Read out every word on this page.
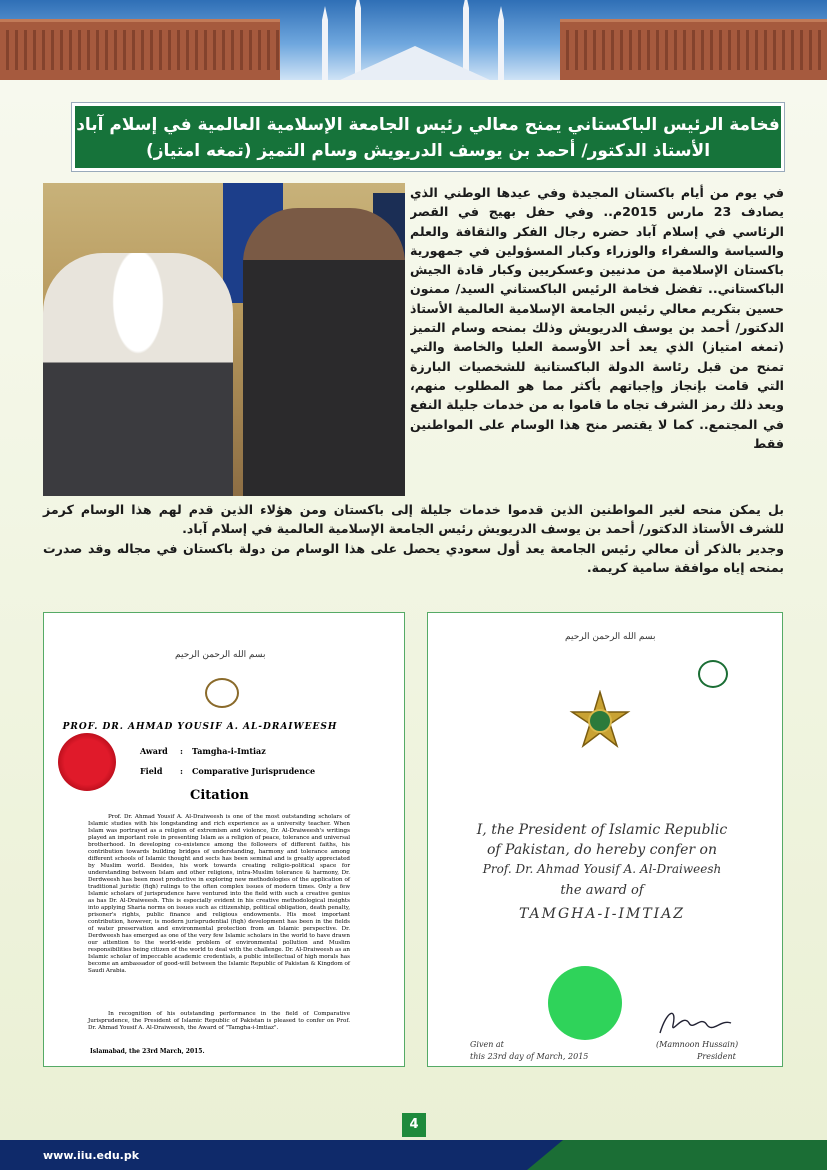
فخامة الرئيس الباكستاني يمنح معالي رئيس الجامعة الإسلامية العالمية في إسلام آباد
الأستاذ الدكتور/ أحمد بن يوسف الدريويش وسام التميز (تمغه امتياز)

في يوم من أيام باكستان المجيدة وفي عيدها الوطني الذي يصادف 23 مارس 2015م.. وفي حفل بهيج في القصر الرئاسي في إسلام آباد حضره رجال الفكر والثقافة والعلم والسياسة والسفراء والوزراء وكبار المسؤولين في جمهورية باكستان الإسلامية من مدنيين وعسكريين وكبار قادة الجيش الباكستاني.. تفضل فخامة الرئيس الباكستاني السيد/ ممنون حسين بتكريم معالي رئيس الجامعة الإسلامية العالمية الأستاذ الدكتور/ أحمد بن يوسف الدريويش وذلك بمنحه وسام التميز (تمغه امتياز) الذي يعد أحد الأوسمة العليا والخاصة والتي تمنح من قبل رئاسة الدولة الباكستانية للشخصيات البارزة التي قامت بإنجاز وإجباتهم بأكثر مما هو المطلوب منهم، ويعد ذلك رمز الشرف تجاه ما قاموا به من خدمات جليلة النفع في المجتمع.. كما لا يقتصر منح هذا الوسام على المواطنين فقط

بل يمكن منحه لغير المواطنين الذين قدموا خدمات جليلة إلى باكستان ومن هؤلاء الذين قدم لهم هذا الوسام كرمز للشرف الأستاذ الدكتور/ أحمد بن يوسف الدريويش رئيس الجامعة الإسلامية العالمية في إسلام آباد.

وجدير بالذكر أن معالي رئيس الجامعة يعد أول سعودي يحصل على هذا الوسام من دولة باكستان في مجاله وقد صدرت بمنحه إياه موافقة سامية كريمة.

بسم الله الرحمن الرحيم
PROF. DR. AHMAD YOUSIF A. AL-DRAIWEESH
Award : Tamgha-i-Imtiaz
Field : Comparative Jurisprudence
Citation
Prof. Dr. Ahmad Yousif A. Al-Draiweesh is one of the most outstanding scholars of Islamic studies with his longstanding and rich experience as a university teacher. When Islam was portrayed as a religion of extremism and violence, Dr. Al-Draiweesh's writings played an important role in presenting Islam as a religion of peace, tolerance and universal brotherhood. In developing co-existence among the followers of different faiths, his contribution towards building bridges of understanding, harmony and tolerance among different schools of Islamic thought and sects has been seminal and is greatly appreciated by Muslim world. Besides, his work towards creating religio-political space for understanding between Islam and other religions, intra-Muslim tolerance & harmony, Dr. Derdweesh has been most productive in exploring new methodologies of the application of traditional juristic (fiqh) rulings to the often complex issues of modern times. Only a few Islamic scholars of jurisprudence have ventured into the field with such a creative genius as has Dr. Al-Draiweesh. This is especially evident in his creative methodological insights into applying Sharia norms on issues such as citizenship, political obligation, death penalty, prisoner's rights, public finance and religious endowments. His most important contribution, however, is modern jurisprudential (fiqh) development has been in the fields of water preservation and environmental protection from an Islamic perspective. Dr. Derdweesh has emerged as one of the very few Islamic scholars in the world to have drawn our attention to the world-wide problem of environmental pollution and Muslim responsibilities being citizen of the world to deal with the challenge. Dr. Al-Draiweesh as an Islamic scholar of impeccable academic credentials, a public intellectual of high morals has become an ambassador of good-will between the Islamic Republic of Pakistan & Kingdom of Saudi Arabia.
In recognition of his outstanding performance in the field of Comparative Jurisprudence, the President of Islamic Republic of Pakistan is pleased to confer on Prof. Dr. Ahmad Yousif A. Al-Draiweesh, the Award of "Tamgha-i-Imtiaz".
Islamabad, the 23rd March, 2015.
بسم الله الرحمن الرحيم
I, the President of Islamic Republic
of Pakistan, do hereby confer on
Prof. Dr. Ahmad Yousif A. Al-Draiweesh
the award of
TAMGHA-I-IMTIAZ
Given at
this 23rd day of March, 2015
(Mamnoon Hussain)
President
4
www.iiu.edu.pk
